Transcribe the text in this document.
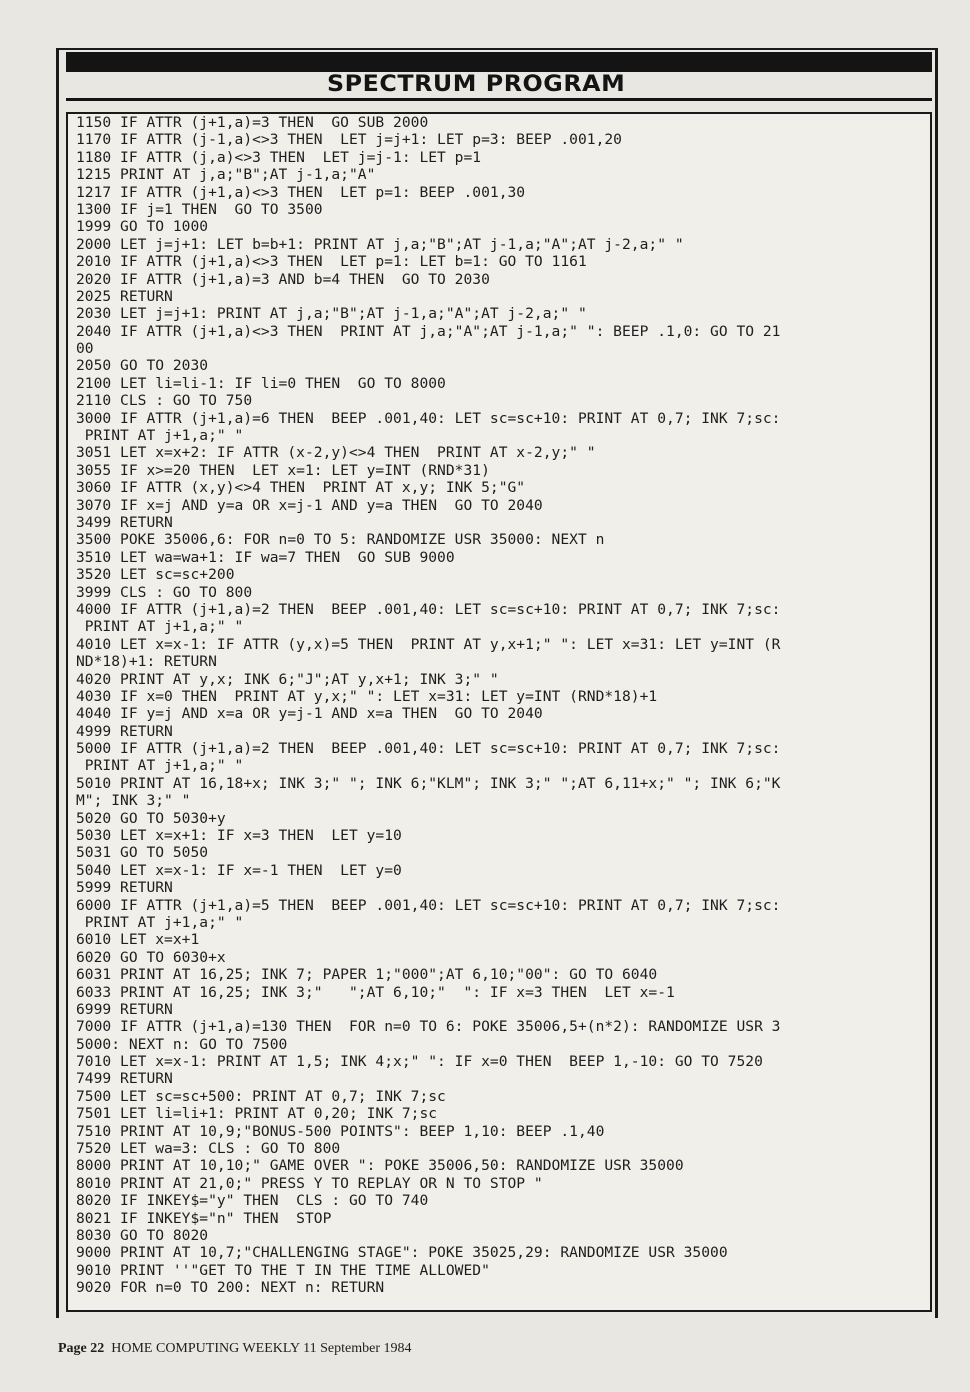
SPECTRUM PROGRAM
1150 IF ATTR (j+1,a)=3 THEN  GO SUB 2000
1170 IF ATTR (j-1,a)<>3 THEN  LET j=j+1: LET p=3: BEEP .001,20
1180 IF ATTR (j,a)<>3 THEN  LET j=j-1: LET p=1
1215 PRINT AT j,a;"B";AT j-1,a;"A"
1217 IF ATTR (j+1,a)<>3 THEN  LET p=1: BEEP .001,30
1300 IF j=1 THEN  GO TO 3500
1999 GO TO 1000
2000 LET j=j+1: LET b=b+1: PRINT AT j,a;"B";AT j-1,a;"A";AT j-2,a;" "
2010 IF ATTR (j+1,a)<>3 THEN  LET p=1: LET b=1: GO TO 1161
2020 IF ATTR (j+1,a)=3 AND b=4 THEN  GO TO 2030
2025 RETURN
2030 LET j=j+1: PRINT AT j,a;"B";AT j-1,a;"A";AT j-2,a;" "
2040 IF ATTR (j+1,a)<>3 THEN  PRINT AT j,a;"A";AT j-1,a;" ": BEEP .1,0: GO TO 21
00
2050 GO TO 2030
2100 LET li=li-1: IF li=0 THEN  GO TO 8000
2110 CLS : GO TO 750
3000 IF ATTR (j+1,a)=6 THEN  BEEP .001,40: LET sc=sc+10: PRINT AT 0,7; INK 7;sc:
PRINT AT j+1,a;" "
3051 LET x=x+2: IF ATTR (x-2,y)<>4 THEN  PRINT AT x-2,y;" "
3055 IF x>=20 THEN  LET x=1: LET y=INT (RND*31)
3060 IF ATTR (x,y)<>4 THEN  PRINT AT x,y; INK 5;"G"
3070 IF x=j AND y=a OR x=j-1 AND y=a THEN  GO TO 2040
3499 RETURN
3500 POKE 35006,6: FOR n=0 TO 5: RANDOMIZE USR 35000: NEXT n
3510 LET wa=wa+1: IF wa=7 THEN  GO SUB 9000
3520 LET sc=sc+200
3999 CLS : GO TO 800
4000 IF ATTR (j+1,a)=2 THEN  BEEP .001,40: LET sc=sc+10: PRINT AT 0,7; INK 7;sc:
PRINT AT j+1,a;" "
4010 LET x=x-1: IF ATTR (y,x)=5 THEN  PRINT AT y,x+1;" ": LET x=31: LET y=INT (R
ND*18)+1: RETURN
4020 PRINT AT y,x; INK 6;"J";AT y,x+1; INK 3;" "
4030 IF x=0 THEN  PRINT AT y,x;" ": LET x=31: LET y=INT (RND*18)+1
4040 IF y=j AND x=a OR y=j-1 AND x=a THEN  GO TO 2040
4999 RETURN
5000 IF ATTR (j+1,a)=2 THEN  BEEP .001,40: LET sc=sc+10: PRINT AT 0,7; INK 7;sc:
PRINT AT j+1,a;" "
5010 PRINT AT 16,18+x; INK 3;" "; INK 6;"KLM"; INK 3;" ";AT 6,11+x;" "; INK 6;"K
M"; INK 3;" "
5020 GO TO 5030+y
5030 LET x=x+1: IF x=3 THEN  LET y=10
5031 GO TO 5050
5040 LET x=x-1: IF x=-1 THEN  LET y=0
5999 RETURN
6000 IF ATTR (j+1,a)=5 THEN  BEEP .001,40: LET sc=sc+10: PRINT AT 0,7; INK 7;sc:
PRINT AT j+1,a;" "
6010 LET x=x+1
6020 GO TO 6030+x
6031 PRINT AT 16,25; INK 7; PAPER 1;"000";AT 6,10;"00": GO TO 6040
6033 PRINT AT 16,25; INK 3;"   ";AT 6,10;"  ": IF x=3 THEN  LET x=-1
6999 RETURN
7000 IF ATTR (j+1,a)=130 THEN  FOR n=0 TO 6: POKE 35006,5+(n*2): RANDOMIZE USR 3
5000: NEXT n: GO TO 7500
7010 LET x=x-1: PRINT AT 1,5; INK 4;x;" ": IF x=0 THEN  BEEP 1,-10: GO TO 7520
7499 RETURN
7500 LET sc=sc+500: PRINT AT 0,7; INK 7;sc
7501 LET li=li+1: PRINT AT 0,20; INK 7;sc
7510 PRINT AT 10,9;"BONUS-500 POINTS": BEEP 1,10: BEEP .1,40
7520 LET wa=3: CLS : GO TO 800
8000 PRINT AT 10,10;" GAME OVER ": POKE 35006,50: RANDOMIZE USR 35000
8010 PRINT AT 21,0;" PRESS Y TO REPLAY OR N TO STOP "
8020 IF INKEY$="y" THEN  CLS : GO TO 740
8021 IF INKEY$="n" THEN  STOP
8030 GO TO 8020
9000 PRINT AT 10,7;"CHALLENGING STAGE": POKE 35025,29: RANDOMIZE USR 35000
9010 PRINT ''"GET TO THE T IN THE TIME ALLOWED"
9020 FOR n=0 TO 200: NEXT n: RETURN
Page 22 HOME COMPUTING WEEKLY 11 September 1984
